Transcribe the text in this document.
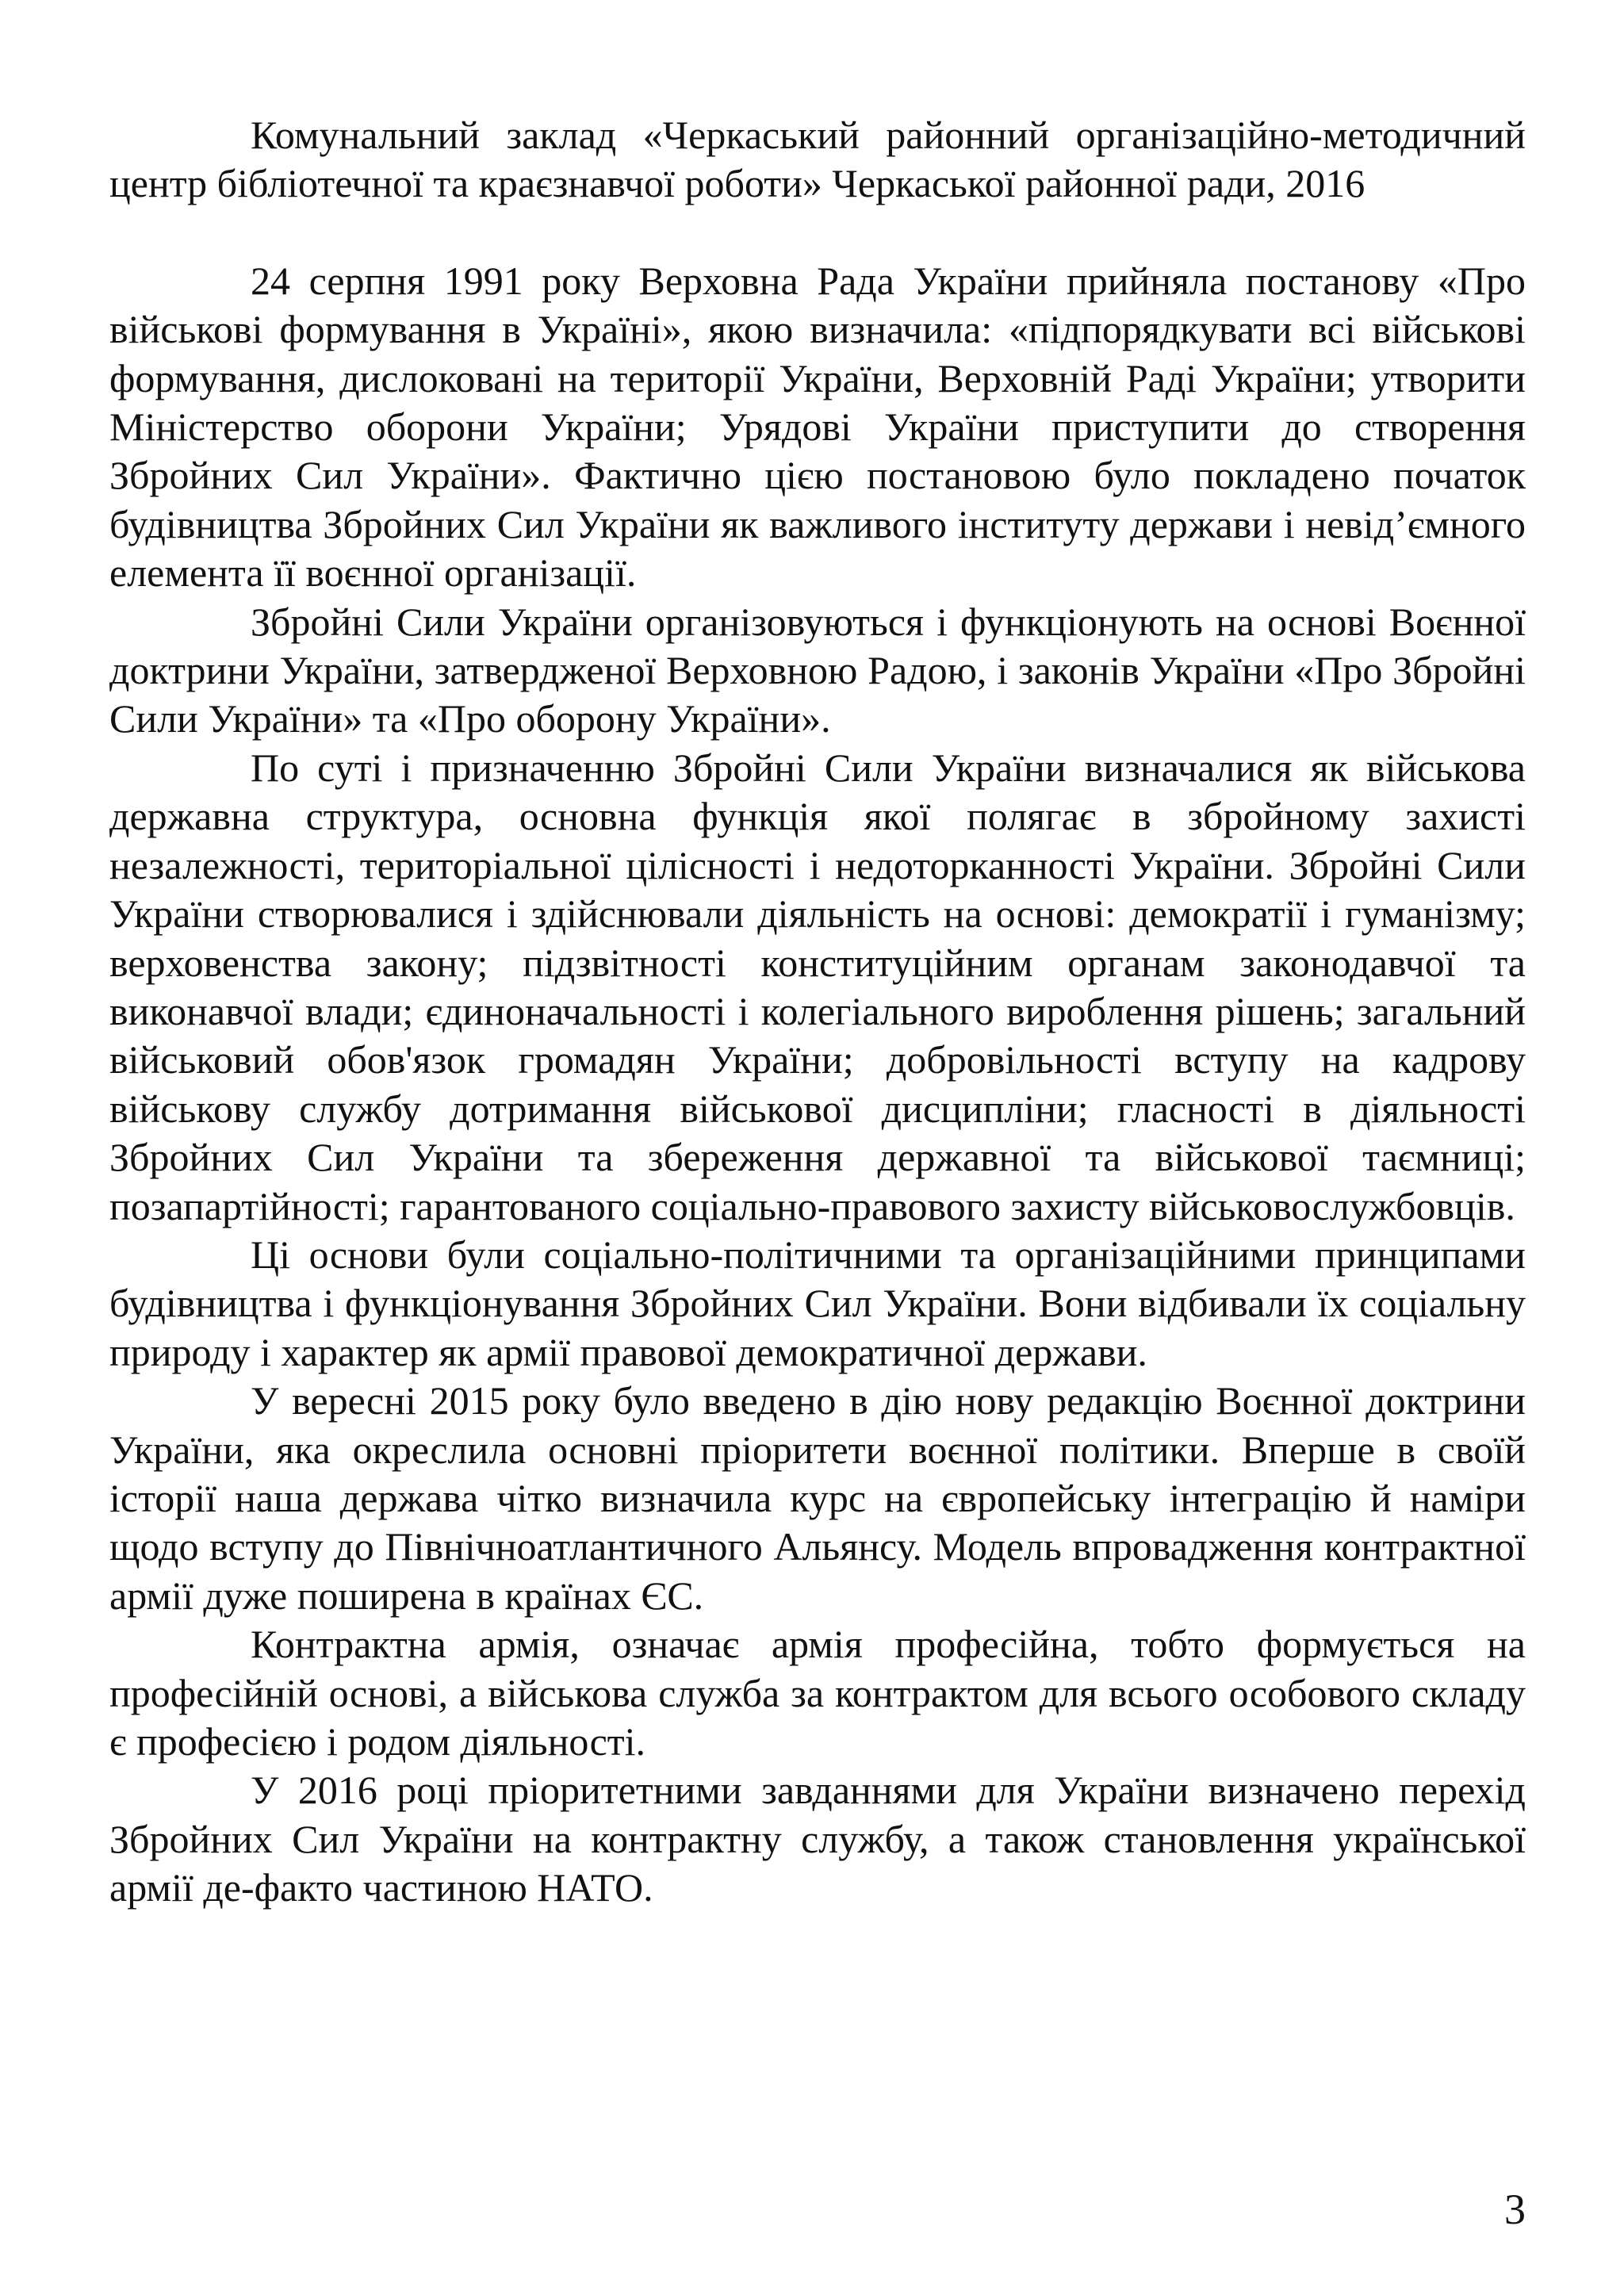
Комунальний заклад «Черкаський районний організаційно-методичний центр бібліотечної та краєзнавчої роботи» Черкаської районної ради, 2016

24 серпня 1991 року Верховна Рада України прийняла постанову «Про військові формування в Україні», якою визначила: «підпорядкувати всі військові формування, дислоковані на території України, Верховній Раді України; утворити Міністерство оборони України; Урядові України приступити до створення Збройних Сил України». Фактично цією постановою було покладено початок будівництва Збройних Сил України як важливого інституту держави і невід’ємного елемента її воєнної організації.

Збройні Сили України організовуються і функціонують на основі Воєнної доктрини України, затвердженої Верховною Радою, і законів України «Про Збройні Сили України» та «Про оборону України».

По суті і призначенню Збройні Сили України визначалися як військова державна структура, основна функція якої полягає в збройному захисті незалежності, територіальної цілісності і недоторканності України. Збройні Сили України створювалися і здійснювали діяльність на основі: демократії і гуманізму; верховенства закону; підзвітності конституційним органам законодавчої та виконавчої влади; єдиноначальності і колегіального вироблення рішень; загальний військовий обов'язок громадян України; добровільності вступу на кадрову військову службу дотримання військової дисципліни; гласності в діяльності Збройних Сил України та збереження державної та військової таємниці; позапартійності; гарантованого соціально-правового захисту військовослужбовців.

Ці основи були соціально-політичними та організаційними принципами будівництва і функціонування Збройних Сил України. Вони відбивали їх соціальну природу і характер як армії правової демократичної держави.

У вересні 2015 року було введено в дію нову редакцію Воєнної доктрини України, яка окреслила основні пріоритети воєнної політики. Вперше в своїй історії наша держава чітко визначила курс на європейську інтеграцію й наміри щодо вступу до Північноатлантичного Альянсу. Модель впровадження контрактної армії дуже поширена в країнах ЄС.

Контрактна армія, означає армія професійна, тобто формується на професійній основі, а військова служба за контрактом для всього особового складу є професією і родом діяльності.

У 2016 році пріоритетними завданнями для України визначено перехід Збройних Сил України на контрактну службу, а також становлення української армії де-факто частиною НАТО.

3
